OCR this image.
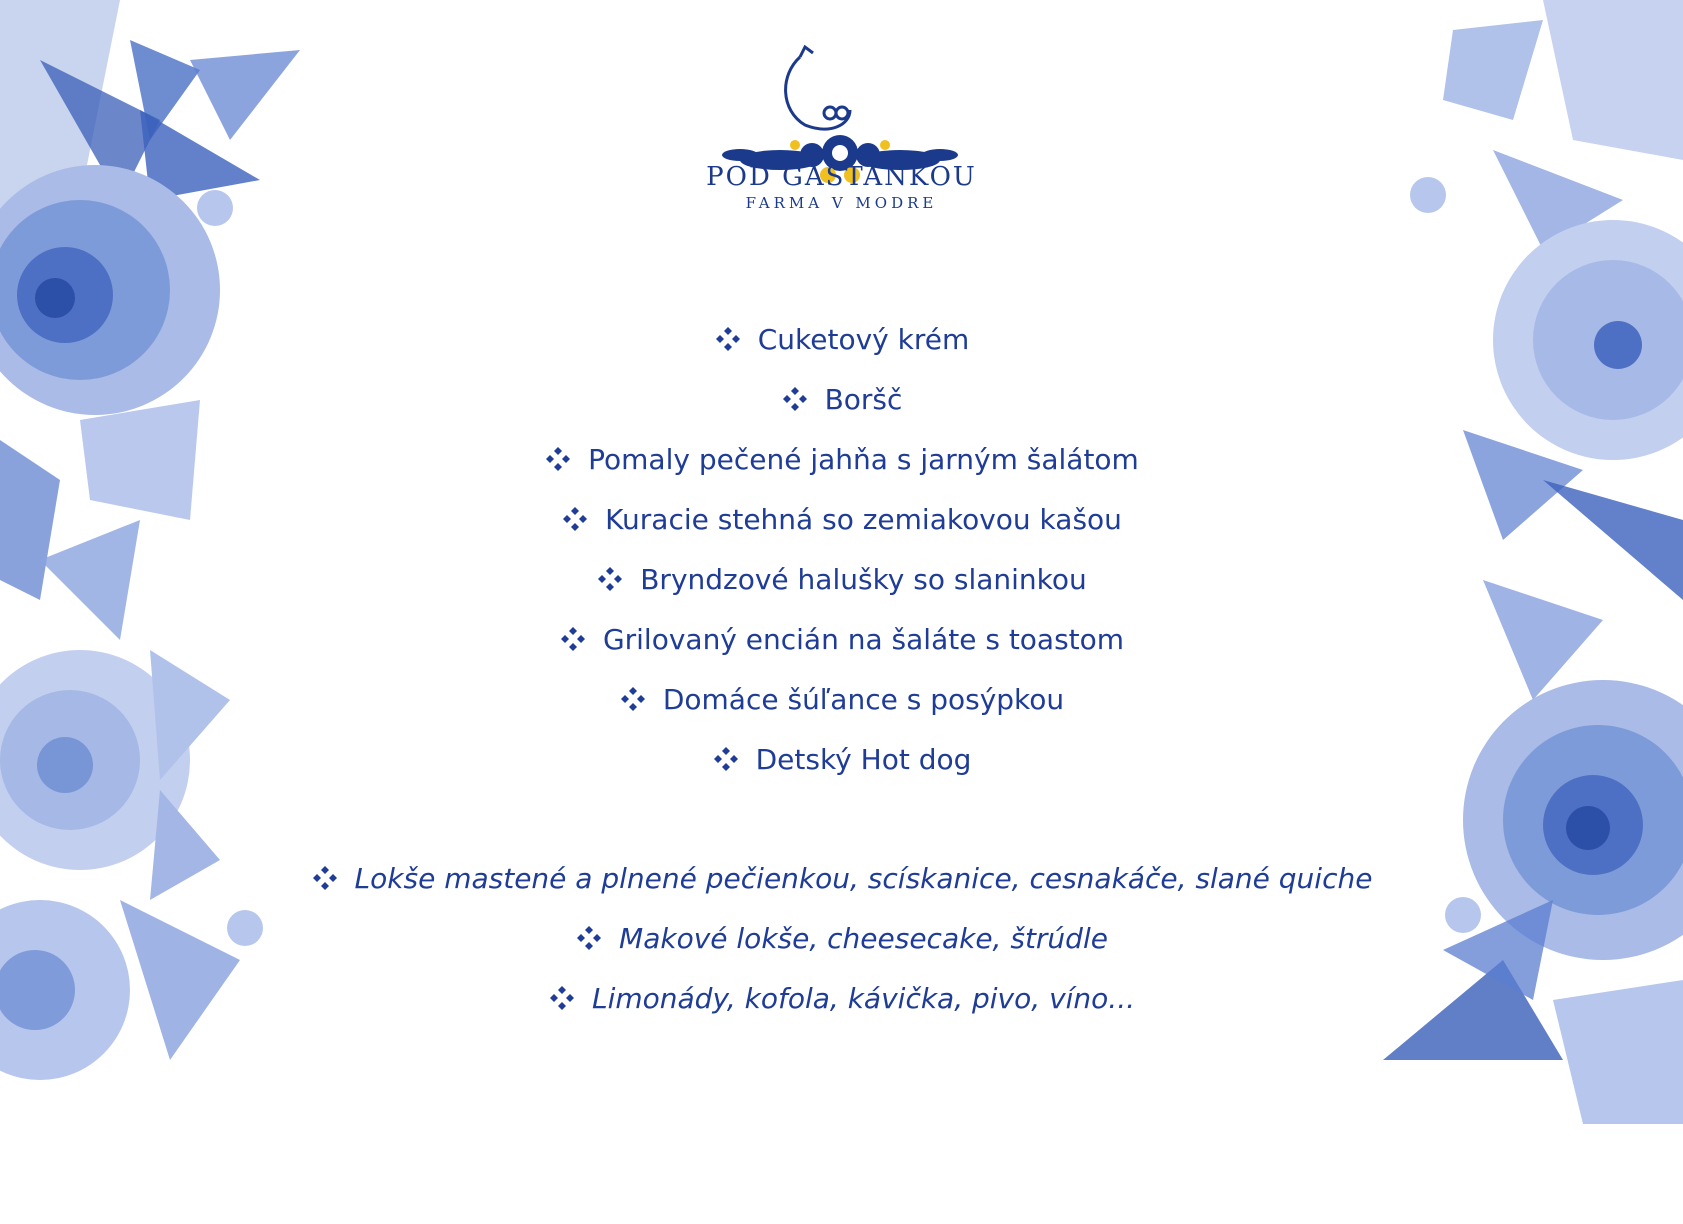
POD GAŠTANKOU
FARMA V MODRE
Cuketový krém
Boršč
Pomaly pečené jahňa s jarným šalátom
Kuracie stehná so zemiakovou kašou
Bryndzové halušky so slaninkou
Grilovaný encián na šaláte s toastom
Domáce šúľance s posýpkou
Detský Hot dog
Lokše mastené a plnené pečienkou, scískanice, cesnakáče, slané quiche
Makové lokše, cheesecake, štrúdle
Limonády, kofola, kávička, pivo, víno...
